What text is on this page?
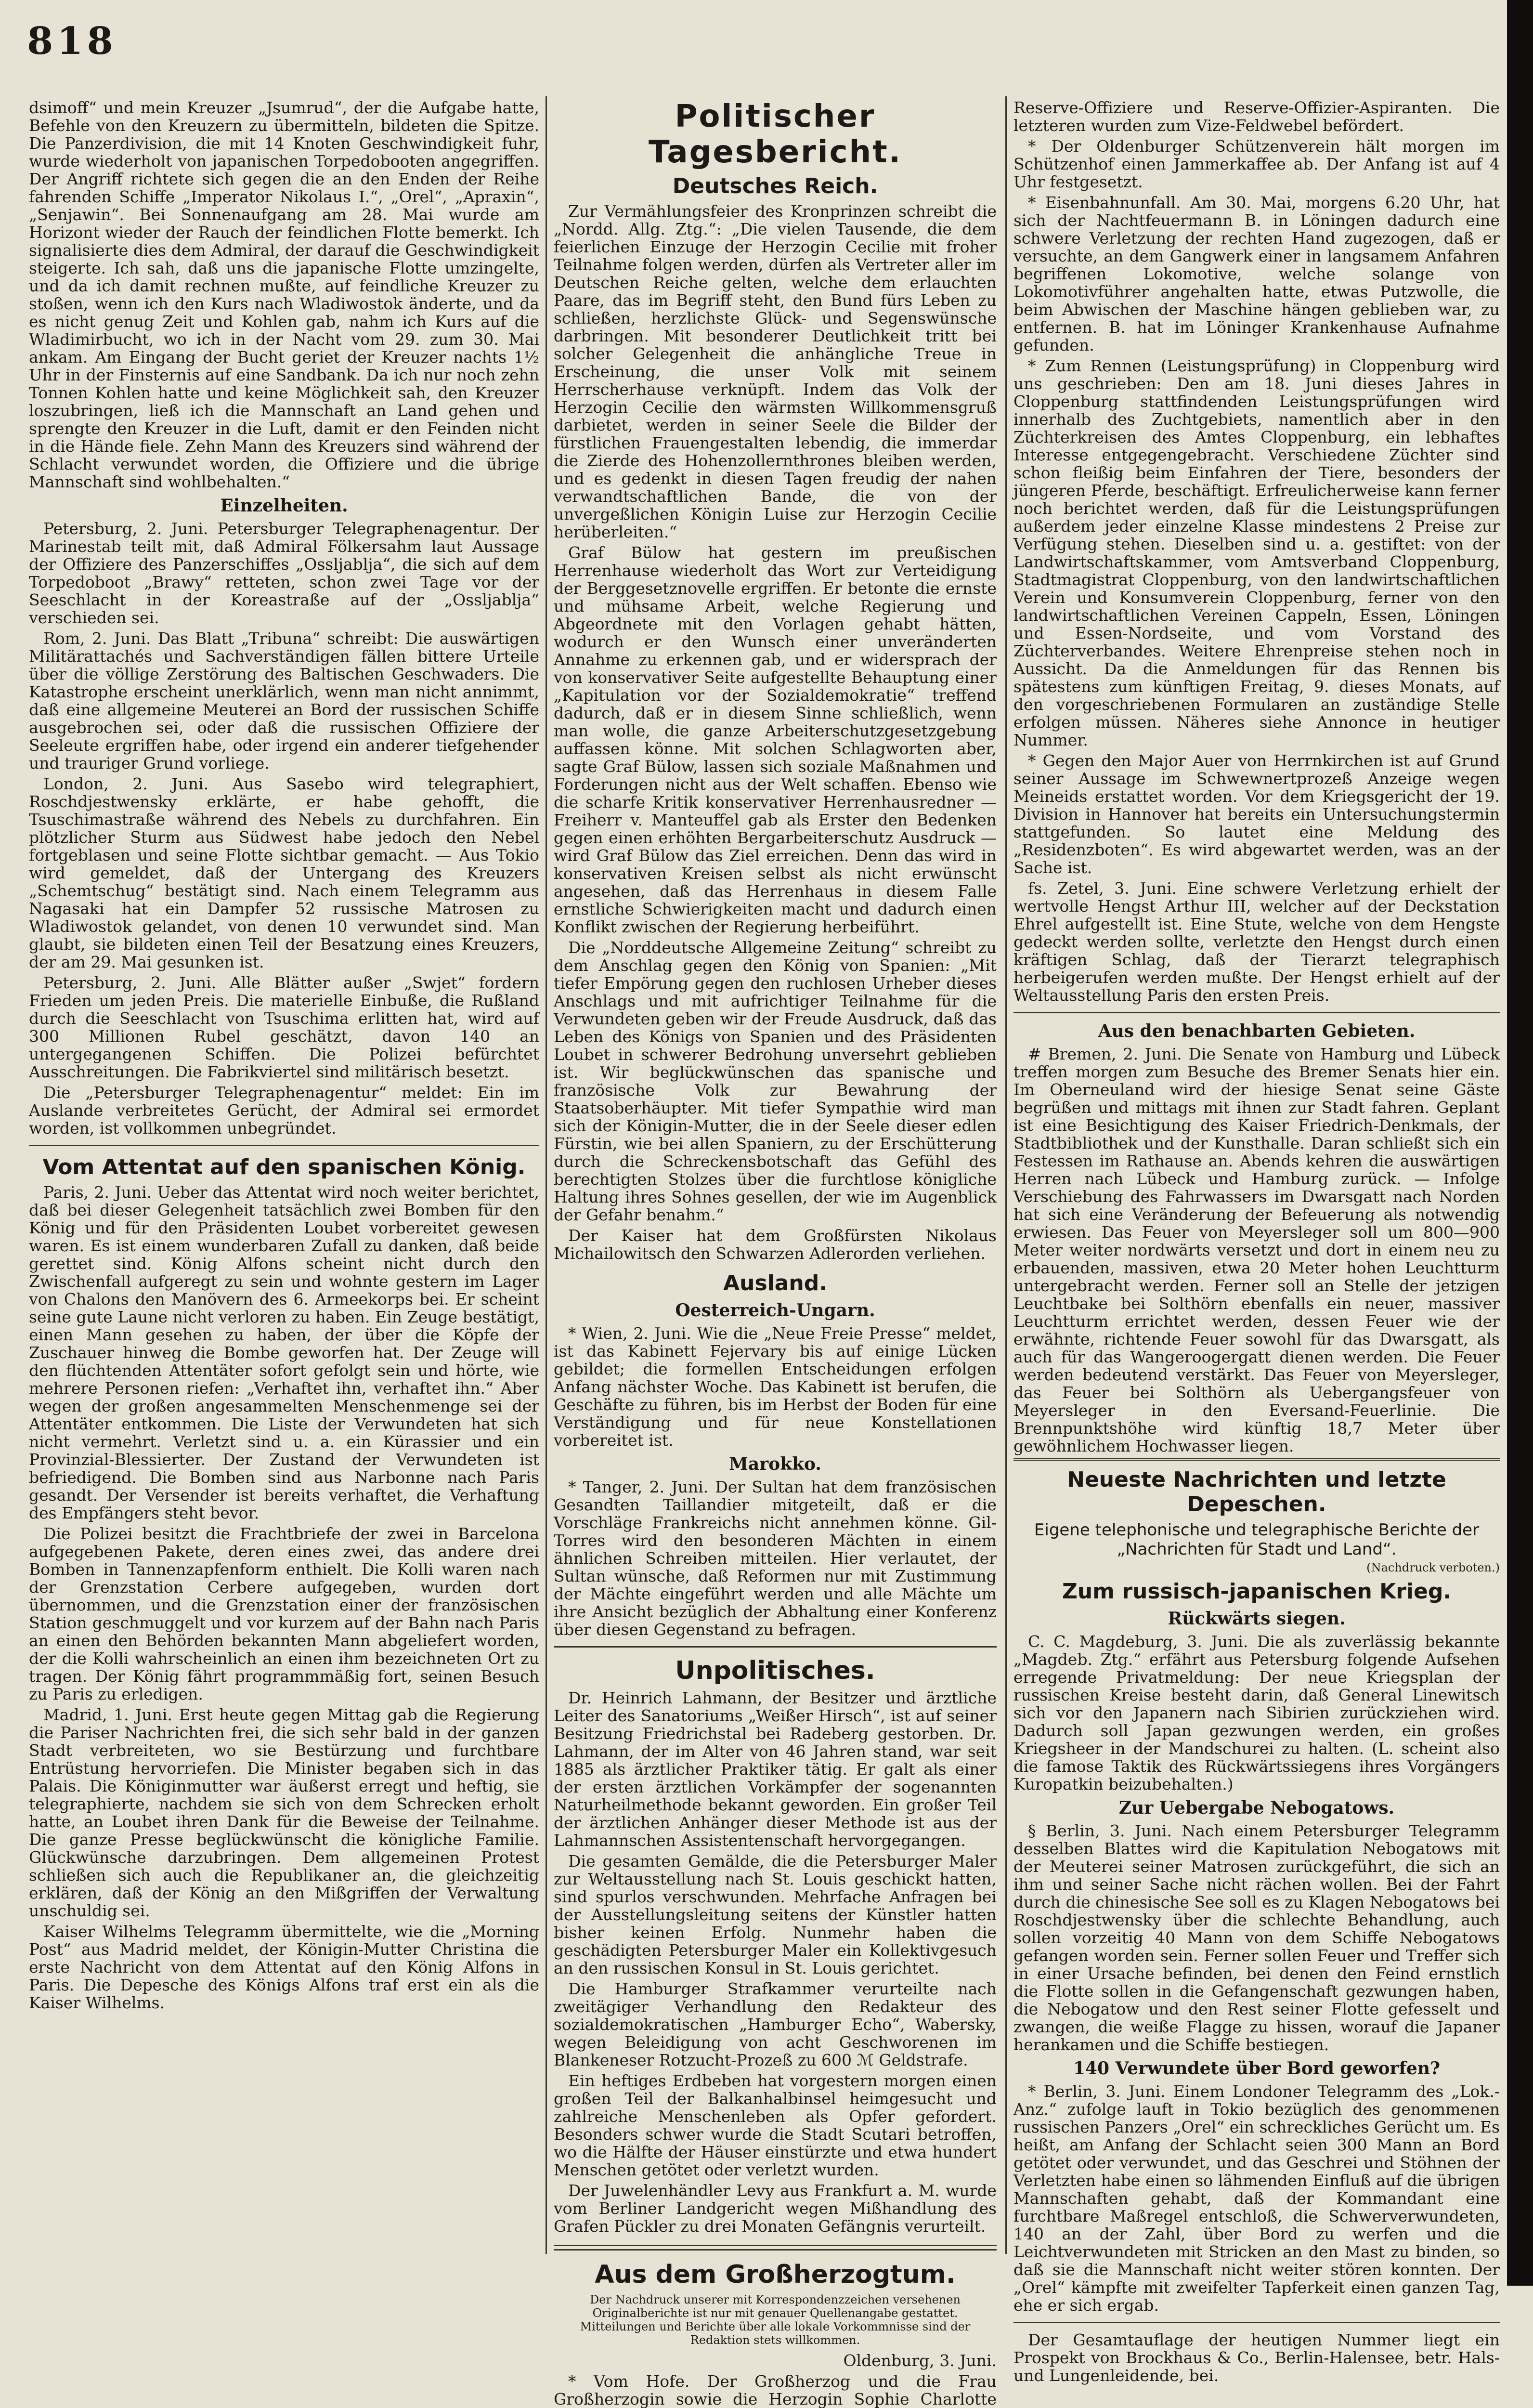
818

dsimoff“ und mein Kreuzer „Jsumrud“, der die Aufgabe hatte, Befehle von den Kreuzern zu übermitteln, bildeten die Spitze. Die Panzerdivision, die mit 14 Knoten Geschwindigkeit fuhr, wurde wiederholt von japanischen Torpedobooten angegriffen. Der Angriff richtete sich gegen die an den Enden der Reihe fahrenden Schiffe „Imperator Nikolaus I.“, „Orel“, „Apraxin“, „Senjawin“. Bei Sonnenaufgang am 28. Mai wurde am Horizont wieder der Rauch der feindlichen Flotte bemerkt. Ich signalisierte dies dem Admiral, der darauf die Geschwindigkeit steigerte. Ich sah, daß uns die japanische Flotte umzingelte, und da ich damit rechnen mußte, auf feindliche Kreuzer zu stoßen, wenn ich den Kurs nach Wladiwostok änderte, und da es nicht genug Zeit und Kohlen gab, nahm ich Kurs auf die Wladimirbucht, wo ich in der Nacht vom 29. zum 30. Mai ankam. Am Eingang der Bucht geriet der Kreuzer nachts 1½ Uhr in der Finsternis auf eine Sandbank. Da ich nur noch zehn Tonnen Kohlen hatte und keine Möglichkeit sah, den Kreuzer loszubringen, ließ ich die Mannschaft an Land gehen und sprengte den Kreuzer in die Luft, damit er den Feinden nicht in die Hände fiele. Zehn Mann des Kreuzers sind während der Schlacht verwundet worden, die Offiziere und die übrige Mannschaft sind wohlbehalten.“

Einzelheiten.

Petersburg, 2. Juni. Petersburger Telegraphenagentur. Der Marinestab teilt mit, daß Admiral Fölkersahm laut Aussage der Offiziere des Panzerschiffes „Ossljablja“, die sich auf dem Torpedoboot „Brawy“ retteten, schon zwei Tage vor der Seeschlacht in der Koreastraße auf der „Ossljablja“ verschieden sei.

Rom, 2. Juni. Das Blatt „Tribuna“ schreibt: Die auswärtigen Militärattachés und Sachverständigen fällen bittere Urteile über die völlige Zerstörung des Baltischen Geschwaders. Die Katastrophe erscheint unerklärlich, wenn man nicht annimmt, daß eine allgemeine Meuterei an Bord der russischen Schiffe ausgebrochen sei, oder daß die russischen Offiziere der Seeleute ergriffen habe, oder irgend ein anderer tiefgehender und trauriger Grund vorliege.

London, 2. Juni. Aus Sasebo wird telegraphiert, Roschdjestwensky erklärte, er habe gehofft, die Tsuschimastraße während des Nebels zu durchfahren. Ein plötzlicher Sturm aus Südwest habe jedoch den Nebel fortgeblasen und seine Flotte sichtbar gemacht. — Aus Tokio wird gemeldet, daß der Untergang des Kreuzers „Schemtschug“ bestätigt sind. Nach einem Telegramm aus Nagasaki hat ein Dampfer 52 russische Matrosen zu Wladiwostok gelandet, von denen 10 verwundet sind. Man glaubt, sie bildeten einen Teil der Besatzung eines Kreuzers, der am 29. Mai gesunken ist.

Petersburg, 2. Juni. Alle Blätter außer „Swjet“ fordern Frieden um jeden Preis. Die materielle Einbuße, die Rußland durch die Seeschlacht von Tsuschima erlitten hat, wird auf 300 Millionen Rubel geschätzt, davon 140 an untergegangenen Schiffen. Die Polizei befürchtet Ausschreitungen. Die Fabrikviertel sind militärisch besetzt.

Die „Petersburger Telegraphenagentur“ meldet: Ein im Auslande verbreitetes Gerücht, der Admiral sei ermordet worden, ist vollkommen unbegründet.

Vom Attentat auf den spanischen König.

Paris, 2. Juni. Ueber das Attentat wird noch weiter berichtet, daß bei dieser Gelegenheit tatsächlich zwei Bomben für den König und für den Präsidenten Loubet vorbereitet gewesen waren. Es ist einem wunderbaren Zufall zu danken, daß beide gerettet sind. König Alfons scheint nicht durch den Zwischenfall aufgeregt zu sein und wohnte gestern im Lager von Chalons den Manövern des 6. Armeekorps bei. Er scheint seine gute Laune nicht verloren zu haben. Ein Zeuge bestätigt, einen Mann gesehen zu haben, der über die Köpfe der Zuschauer hinweg die Bombe geworfen hat. Der Zeuge will den flüchtenden Attentäter sofort gefolgt sein und hörte, wie mehrere Personen riefen: „Verhaftet ihn, verhaftet ihn.“ Aber wegen der großen angesammelten Menschenmenge sei der Attentäter entkommen. Die Liste der Verwundeten hat sich nicht vermehrt. Verletzt sind u. a. ein Kürassier und ein Provinzial-Blessierter. Der Zustand der Verwundeten ist befriedigend. Die Bomben sind aus Narbonne nach Paris gesandt. Der Versender ist bereits verhaftet, die Verhaftung des Empfängers steht bevor.

Die Polizei besitzt die Frachtbriefe der zwei in Barcelona aufgegebenen Pakete, deren eines zwei, das andere drei Bomben in Tannenzapfenform enthielt. Die Kolli waren nach der Grenzstation Cerbere aufgegeben, wurden dort übernommen, und die Grenzstation einer der französischen Station geschmuggelt und vor kurzem auf der Bahn nach Paris an einen den Behörden bekannten Mann abgeliefert worden, der die Kolli wahrscheinlich an einen ihm bezeichneten Ort zu tragen. Der König fährt programmmäßig fort, seinen Besuch zu Paris zu erledigen.

Madrid, 1. Juni. Erst heute gegen Mittag gab die Regierung die Pariser Nachrichten frei, die sich sehr bald in der ganzen Stadt verbreiteten, wo sie Bestürzung und furchtbare Entrüstung hervorriefen. Die Minister begaben sich in das Palais. Die Königinmutter war äußerst erregt und heftig, sie telegraphierte, nachdem sie sich von dem Schrecken erholt hatte, an Loubet ihren Dank für die Beweise der Teilnahme. Die ganze Presse beglückwünscht die königliche Familie. Glückwünsche darzubringen. Dem allgemeinen Protest schließen sich auch die Republikaner an, die gleichzeitig erklären, daß der König an den Mißgriffen der Verwaltung unschuldig sei.

Kaiser Wilhelms Telegramm übermittelte, wie die „Morning Post“ aus Madrid meldet, der Königin-Mutter Christina die erste Nachricht von dem Attentat auf den König Alfons in Paris. Die Depesche des Königs Alfons traf erst ein als die Kaiser Wilhelms.

Politischer Tagesbericht.
Deutsches Reich.

Zur Vermählungsfeier des Kronprinzen schreibt die „Nordd. Allg. Ztg.“: „Die vielen Tausende, die dem feierlichen Einzuge der Herzogin Cecilie mit froher Teilnahme folgen werden, dürfen als Vertreter aller im Deutschen Reiche gelten, welche dem erlauchten Paare, das im Begriff steht, den Bund fürs Leben zu schließen, herzlichste Glück- und Segenswünsche darbringen. Mit besonderer Deutlichkeit tritt bei solcher Gelegenheit die anhängliche Treue in Erscheinung, die unser Volk mit seinem Herrscherhause verknüpft. Indem das Volk der Herzogin Cecilie den wärmsten Willkommensgruß darbietet, werden in seiner Seele die Bilder der fürstlichen Frauengestalten lebendig, die immerdar die Zierde des Hohenzollernthrones bleiben werden, und es gedenkt in diesen Tagen freudig der nahen verwandtschaftlichen Bande, die von der unvergeßlichen Königin Luise zur Herzogin Cecilie herüberleiten.“

Graf Bülow hat gestern im preußischen Herrenhause wiederholt das Wort zur Verteidigung der Berggesetznovelle ergriffen. Er betonte die ernste und mühsame Arbeit, welche Regierung und Abgeordnete mit den Vorlagen gehabt hätten, wodurch er den Wunsch einer unveränderten Annahme zu erkennen gab, und er widersprach der von konservativer Seite aufgestellte Behauptung einer „Kapitulation vor der Sozialdemokratie“ treffend dadurch, daß er in diesem Sinne schließlich, wenn man wolle, die ganze Arbeiterschutzgesetzgebung auffassen könne. Mit solchen Schlagworten aber, sagte Graf Bülow, lassen sich soziale Maßnahmen und Forderungen nicht aus der Welt schaffen. Ebenso wie die scharfe Kritik konservativer Herrenhausredner — Freiherr v. Manteuffel gab als Erster den Bedenken gegen einen erhöhten Bergarbeiterschutz Ausdruck — wird Graf Bülow das Ziel erreichen. Denn das wird in konservativen Kreisen selbst als nicht erwünscht angesehen, daß das Herrenhaus in diesem Falle ernstliche Schwierigkeiten macht und dadurch einen Konflikt zwischen der Regierung herbeiführt.

Die „Norddeutsche Allgemeine Zeitung“ schreibt zu dem Anschlag gegen den König von Spanien: „Mit tiefer Empörung gegen den ruchlosen Urheber dieses Anschlags und mit aufrichtiger Teilnahme für die Verwundeten geben wir der Freude Ausdruck, daß das Leben des Königs von Spanien und des Präsidenten Loubet in schwerer Bedrohung unversehrt geblieben ist. Wir beglückwünschen das spanische und französische Volk zur Bewahrung der Staatsoberhäupter. Mit tiefer Sympathie wird man sich der Königin-Mutter, die in der Seele dieser edlen Fürstin, wie bei allen Spaniern, zu der Erschütterung durch die Schreckensbotschaft das Gefühl des berechtigten Stolzes über die furchtlose königliche Haltung ihres Sohnes gesellen, der wie im Augenblick der Gefahr benahm.“

Der Kaiser hat dem Großfürsten Nikolaus Michailowitsch den Schwarzen Adlerorden verliehen.

Ausland.
Oesterreich-Ungarn.

* Wien, 2. Juni. Wie die „Neue Freie Presse“ meldet, ist das Kabinett Fejervary bis auf einige Lücken gebildet; die formellen Entscheidungen erfolgen Anfang nächster Woche. Das Kabinett ist berufen, die Geschäfte zu führen, bis im Herbst der Boden für eine Verständigung und für neue Konstellationen vorbereitet ist.

Marokko.

* Tanger, 2. Juni. Der Sultan hat dem französischen Gesandten Taillandier mitgeteilt, daß er die Vorschläge Frankreichs nicht annehmen könne. Gil-Torres wird den besonderen Mächten in einem ähnlichen Schreiben mitteilen. Hier verlautet, der Sultan wünsche, daß Reformen nur mit Zustimmung der Mächte eingeführt werden und alle Mächte um ihre Ansicht bezüglich der Abhaltung einer Konferenz über diesen Gegenstand zu befragen.

Unpolitisches.

Dr. Heinrich Lahmann, der Besitzer und ärztliche Leiter des Sanatoriums „Weißer Hirsch“, ist auf seiner Besitzung Friedrichstal bei Radeberg gestorben. Dr. Lahmann, der im Alter von 46 Jahren stand, war seit 1885 als ärztlicher Praktiker tätig. Er galt als einer der ersten ärztlichen Vorkämpfer der sogenannten Naturheilmethode bekannt geworden. Ein großer Teil der ärztlichen Anhänger dieser Methode ist aus der Lahmannschen Assistentenschaft hervorgegangen.

Die gesamten Gemälde, die die Petersburger Maler zur Weltausstellung nach St. Louis geschickt hatten, sind spurlos verschwunden. Mehrfache Anfragen bei der Ausstellungsleitung seitens der Künstler hatten bisher keinen Erfolg. Nunmehr haben die geschädigten Petersburger Maler ein Kollektivgesuch an den russischen Konsul in St. Louis gerichtet.

Die Hamburger Strafkammer verurteilte nach zweitägiger Verhandlung den Redakteur des sozialdemokratischen „Hamburger Echo“, Wabersky, wegen Beleidigung von acht Geschworenen im Blankeneser Rotzucht-Prozeß zu 600 ℳ Geldstrafe.

Ein heftiges Erdbeben hat vorgestern morgen einen großen Teil der Balkanhalbinsel heimgesucht und zahlreiche Menschenleben als Opfer gefordert. Besonders schwer wurde die Stadt Scutari betroffen, wo die Hälfte der Häuser einstürzte und etwa hundert Menschen getötet oder verletzt wurden.

Der Juwelenhändler Levy aus Frankfurt a. M. wurde vom Berliner Landgericht wegen Mißhandlung des Grafen Pückler zu drei Monaten Gefängnis verurteilt.

Aus dem Großherzogtum.

Der Nachdruck unserer mit Korrespondenzzeichen versehenen Originalberichte ist nur mit genauer Quellenangabe gestattet. Mitteilungen und Berichte über alle lokale Vorkommnisse sind der Redaktion stets willkommen.

Oldenburg, 3. Juni.

* Vom Hofe. Der Großherzog und die Frau Großherzogin sowie die Herzogin Sophie Charlotte

Reserve-Offiziere und Reserve-Offizier-Aspiranten. Die letzteren wurden zum Vize-Feldwebel befördert.

* Der Oldenburger Schützenverein hält morgen im Schützenhof einen Jammerkaffee ab. Der Anfang ist auf 4 Uhr festgesetzt.

* Eisenbahnunfall. Am 30. Mai, morgens 6.20 Uhr, hat sich der Nachtfeuermann B. in Löningen dadurch eine schwere Verletzung der rechten Hand zugezogen, daß er versuchte, an dem Gangwerk einer in langsamem Anfahren begriffenen Lokomotive, welche solange von Lokomotivführer angehalten hatte, etwas Putzwolle, die beim Abwischen der Maschine hängen geblieben war, zu entfernen. B. hat im Löninger Krankenhause Aufnahme gefunden.

* Zum Rennen (Leistungsprüfung) in Cloppenburg wird uns geschrieben: Den am 18. Juni dieses Jahres in Cloppenburg stattfindenden Leistungsprüfungen wird innerhalb des Zuchtgebiets, namentlich aber in den Züchterkreisen des Amtes Cloppenburg, ein lebhaftes Interesse entgegengebracht. Verschiedene Züchter sind schon fleißig beim Einfahren der Tiere, besonders der jüngeren Pferde, beschäftigt. Erfreulicherweise kann ferner noch berichtet werden, daß für die Leistungsprüfungen außerdem jeder einzelne Klasse mindestens 2 Preise zur Verfügung stehen. Dieselben sind u. a. gestiftet: von der Landwirtschaftskammer, vom Amtsverband Cloppenburg, Stadtmagistrat Cloppenburg, von den landwirtschaftlichen Verein und Konsumverein Cloppenburg, ferner von den landwirtschaftlichen Vereinen Cappeln, Essen, Löningen und Essen-Nordseite, und vom Vorstand des Züchterverbandes. Weitere Ehrenpreise stehen noch in Aussicht. Da die Anmeldungen für das Rennen bis spätestens zum künftigen Freitag, 9. dieses Monats, auf den vorgeschriebenen Formularen an zuständige Stelle erfolgen müssen. Näheres siehe Annonce in heutiger Nummer.

* Gegen den Major Auer von Herrnkirchen ist auf Grund seiner Aussage im Schwewnertprozeß Anzeige wegen Meineids erstattet worden. Vor dem Kriegsgericht der 19. Division in Hannover hat bereits ein Untersuchungstermin stattgefunden. So lautet eine Meldung des „Residenzboten“. Es wird abgewartet werden, was an der Sache ist.

fs. Zetel, 3. Juni. Eine schwere Verletzung erhielt der wertvolle Hengst Arthur III, welcher auf der Deckstation Ehrel aufgestellt ist. Eine Stute, welche von dem Hengste gedeckt werden sollte, verletzte den Hengst durch einen kräftigen Schlag, daß der Tierarzt telegraphisch herbeigerufen werden mußte. Der Hengst erhielt auf der Weltausstellung Paris den ersten Preis.

Aus den benachbarten Gebieten.

# Bremen, 2. Juni. Die Senate von Hamburg und Lübeck treffen morgen zum Besuche des Bremer Senats hier ein. Im Oberneuland wird der hiesige Senat seine Gäste begrüßen und mittags mit ihnen zur Stadt fahren. Geplant ist eine Besichtigung des Kaiser Friedrich-Denkmals, der Stadtbibliothek und der Kunsthalle. Daran schließt sich ein Festessen im Rathause an. Abends kehren die auswärtigen Herren nach Lübeck und Hamburg zurück. — Infolge Verschiebung des Fahrwassers im Dwarsgatt nach Norden hat sich eine Veränderung der Befeuerung als notwendig erwiesen. Das Feuer von Meyersleger soll um 800—900 Meter weiter nordwärts versetzt und dort in einem neu zu erbauenden, massiven, etwa 20 Meter hohen Leuchtturm untergebracht werden. Ferner soll an Stelle der jetzigen Leuchtbake bei Solthörn ebenfalls ein neuer, massiver Leuchtturm errichtet werden, dessen Feuer wie der erwähnte, richtende Feuer sowohl für das Dwarsgatt, als auch für das Wangeroogergatt dienen werden. Die Feuer werden bedeutend verstärkt. Das Feuer von Meyersleger, das Feuer bei Solthörn als Uebergangsfeuer von Meyersleger in den Eversand-Feuerlinie. Die Brennpunktshöhe wird künftig 18,7 Meter über gewöhnlichem Hochwasser liegen.

Neueste Nachrichten und letzte Depeschen.
Eigene telephonische und telegraphische Berichte der „Nachrichten für Stadt und Land“.
(Nachdruck verboten.)
Zum russisch-japanischen Krieg.
Rückwärts siegen.

C. C. Magdeburg, 3. Juni. Die als zuverlässig bekannte „Magdeb. Ztg.“ erfährt aus Petersburg folgende Aufsehen erregende Privatmeldung: Der neue Kriegsplan der russischen Kreise besteht darin, daß General Linewitsch sich vor den Japanern nach Sibirien zurückziehen wird. Dadurch soll Japan gezwungen werden, ein großes Kriegsheer in der Mandschurei zu halten. (L. scheint also die famose Taktik des Rückwärtssiegens ihres Vorgängers Kuropatkin beizubehalten.)

Zur Uebergabe Nebogatows.

§ Berlin, 3. Juni. Nach einem Petersburger Telegramm desselben Blattes wird die Kapitulation Nebogatows mit der Meuterei seiner Matrosen zurückgeführt, die sich an ihm und seiner Sache nicht rächen wollen. Bei der Fahrt durch die chinesische See soll es zu Klagen Nebogatows bei Roschdjestwensky über die schlechte Behandlung, auch sollen vorzeitig 40 Mann von dem Schiffe Nebogatows gefangen worden sein. Ferner sollen Feuer und Treffer sich in einer Ursache befinden, bei denen den Feind ernstlich die Flotte sollen in die Gefangenschaft gezwungen haben, die Nebogatow und den Rest seiner Flotte gefesselt und zwangen, die weiße Flagge zu hissen, worauf die Japaner herankamen und die Schiffe bestiegen.

140 Verwundete über Bord geworfen?

* Berlin, 3. Juni. Einem Londoner Telegramm des „Lok.-Anz.“ zufolge lauft in Tokio bezüglich des genommenen russischen Panzers „Orel“ ein schreckliches Gerücht um. Es heißt, am Anfang der Schlacht seien 300 Mann an Bord getötet oder verwundet, und das Geschrei und Stöhnen der Verletzten habe einen so lähmenden Einfluß auf die übrigen Mannschaften gehabt, daß der Kommandant eine furchtbare Maßregel entschloß, die Schwerverwundeten, 140 an der Zahl, über Bord zu werfen und die Leichtverwundeten mit Stricken an den Mast zu binden, so daß sie die Mannschaft nicht weiter stören konnten. Der „Orel“ kämpfte mit zweifelter Tapferkeit einen ganzen Tag, ehe er sich ergab.

Der Gesamtauflage der heutigen Nummer liegt ein Prospekt von Brockhaus & Co., Berlin-Halensee, betr. Hals- und Lungenleidende, bei.
